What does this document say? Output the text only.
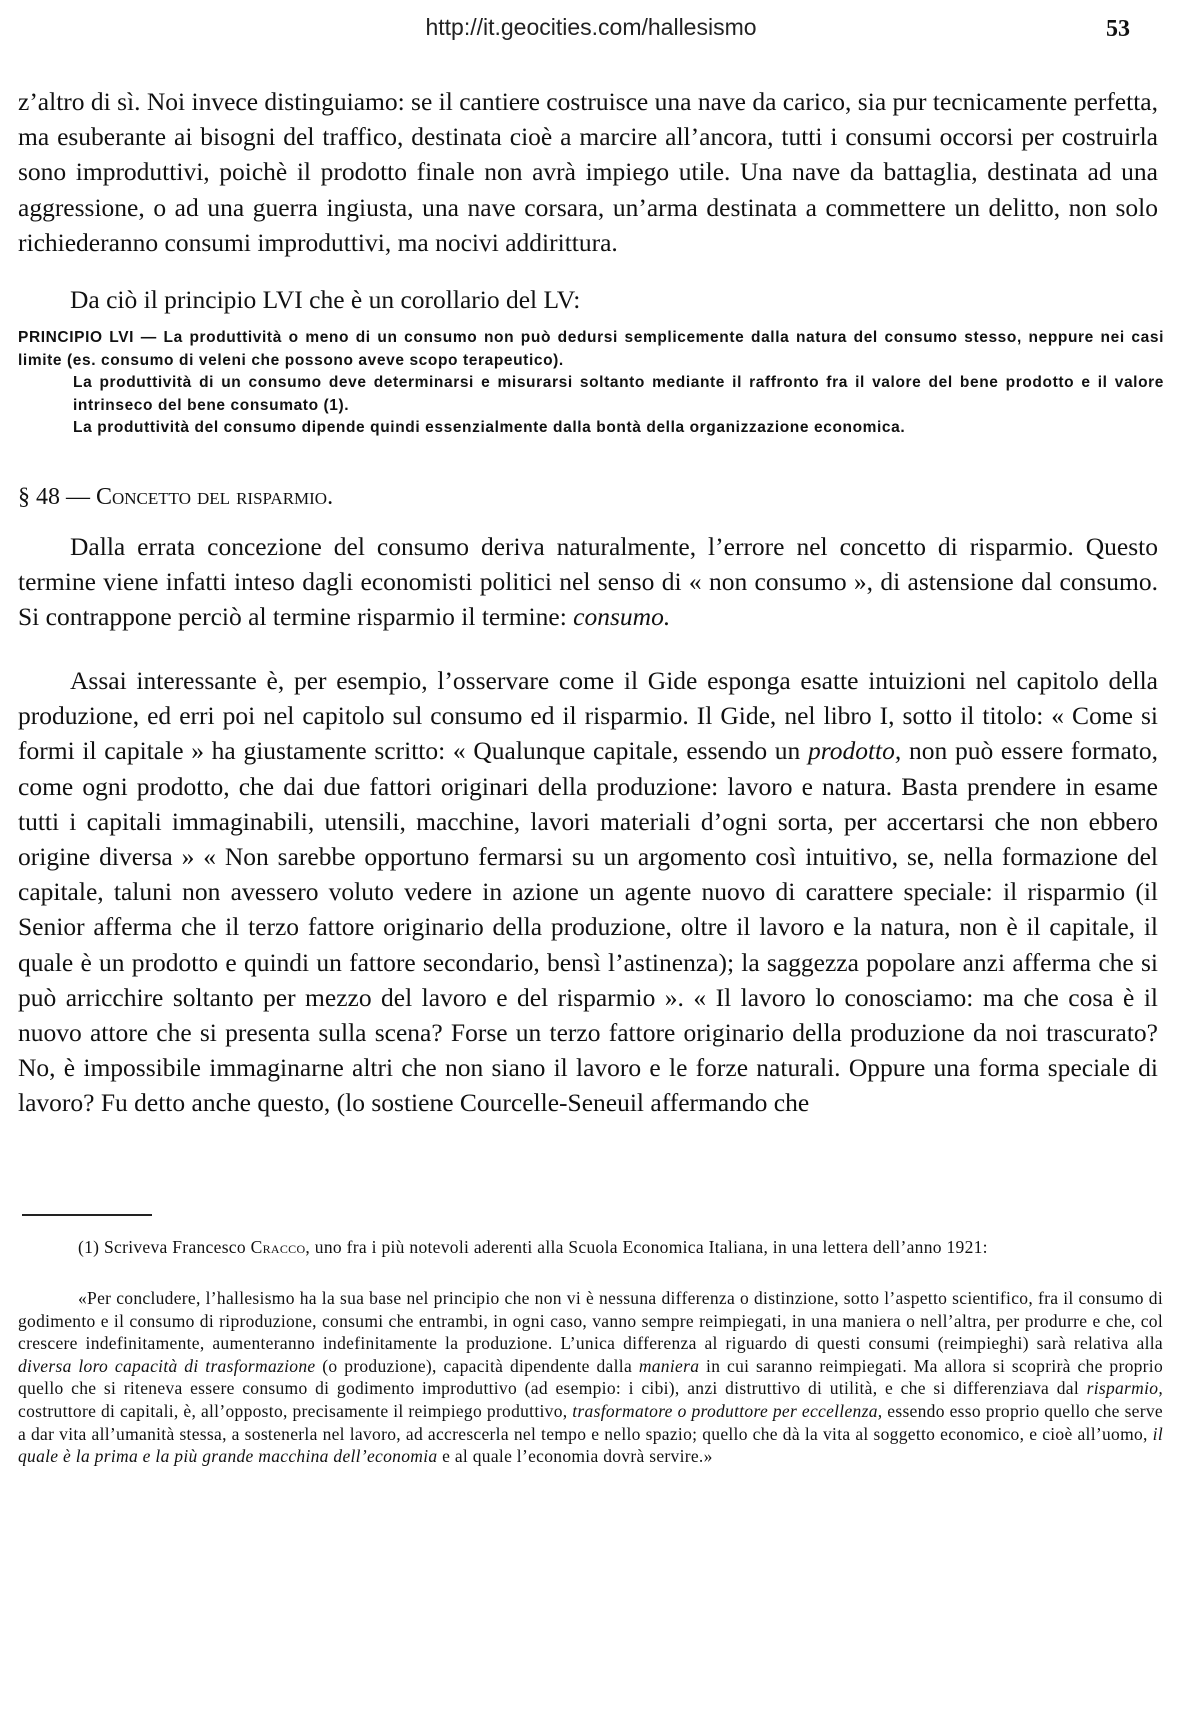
http://it.geocities.com/hallesismo	53

z’altro di sì. Noi invece distinguiamo: se il cantiere costruisce una nave da carico, sia pur tecnicamente perfetta, ma esuberante ai bisogni del traffico, destinata cioè a marcire all’ancora, tutti i consumi occorsi per costruirla sono improduttivi, poichè il prodotto finale non avrà impiego utile. Una nave da battaglia, destinata ad una aggressione, o ad una guerra ingiusta, una nave corsara, un’arma destinata a commettere un delitto, non solo richiederanno consumi improduttivi, ma nocivi addirittura.

Da ciò il principio LVI che è un corollario del LV:

PRINCIPIO LVI — La produttività o meno di un consumo non può dedursi semplicemente dalla natura del consumo stesso, neppure nei casi limite (es. consumo di veleni che possono aveve scopo terapeutico).
La produttività di un consumo deve determinarsi e misurarsi soltanto mediante il raffronto fra il valore del bene prodotto e il valore intrinseco del bene consumato (1).
La produttività del consumo dipende quindi essenzialmente dalla bontà della organizzazione economica.
§ 48 — Concetto del risparmio.

Dalla errata concezione del consumo deriva naturalmente, l’errore nel concetto di risparmio. Questo termine viene infatti inteso dagli economisti politici nel senso di « non consumo », di astensione dal consumo. Si contrappone perciò al termine risparmio il termine: consumo.

Assai interessante è, per esempio, l’osservare come il Gide esponga esatte intuizioni nel capitolo della produzione, ed erri poi nel capitolo sul consumo ed il risparmio. Il Gide, nel libro I, sotto il titolo: « Come si formi il capitale » ha giustamente scritto: « Qualunque capitale, essendo un prodotto, non può essere formato, come ogni prodotto, che dai due fattori originari della produzione: lavoro e natura. Basta prendere in esame tutti i capitali immaginabili, utensili, macchine, lavori materiali d’ogni sorta, per accertarsi che non ebbero origine diversa » « Non sarebbe opportuno fermarsi su un argomento così intuitivo, se, nella formazione del capitale, taluni non avessero voluto vedere in azione un agente nuovo di carattere speciale: il risparmio (il Senior afferma che il terzo fattore originario della produzione, oltre il lavoro e la natura, non è il capitale, il quale è un prodotto e quindi un fattore secondario, bensì l’astinenza); la saggezza popolare anzi afferma che si può arricchire soltanto per mezzo del lavoro e del risparmio ». « Il lavoro lo conosciamo: ma che cosa è il nuovo attore che si presenta sulla scena? Forse un terzo fattore originario della produzione da noi trascurato? No, è impossibile immaginarne altri che non siano il lavoro e le forze naturali. Oppure una forma speciale di lavoro? Fu detto anche questo, (lo sostiene Courcelle-Seneuil affermando che

(1) Scriveva Francesco Cracco, uno fra i più notevoli aderenti alla Scuola Economica Italiana, in una lettera dell’anno 1921:

«Per concludere, l’hallesismo ha la sua base nel principio che non vi è nessuna differenza o distinzione, sotto l’aspetto scientifico, fra il consumo di godimento e il consumo di riproduzione, consumi che entrambi, in ogni caso, vanno sempre reimpiegati, in una maniera o nell’altra, per produrre e che, col crescere indefinitamente, aumenteranno indefinitamente la produzione. L’unica differenza al riguardo di questi consumi (reimpieghi) sarà relativa alla diversa loro capacità di trasformazione (o produzione), capacità dipendente dalla maniera in cui saranno reimpiegati. Ma allora si scoprirà che proprio quello che si riteneva essere consumo di godimento improduttivo (ad esempio: i cibi), anzi distruttivo di utilità, e che si differenziava dal risparmio, costruttore di capitali, è, all’opposto, precisamente il reimpiego produttivo, trasformatore o produttore per eccellenza, essendo esso proprio quello che serve a dar vita all’umanità stessa, a sostenerla nel lavoro, ad accrescerla nel tempo e nello spazio; quello che dà la vita al soggetto economico, e cioè all’uomo, il quale è la prima e la più grande macchina dell’economia e al quale l’economia dovrà servire.»
